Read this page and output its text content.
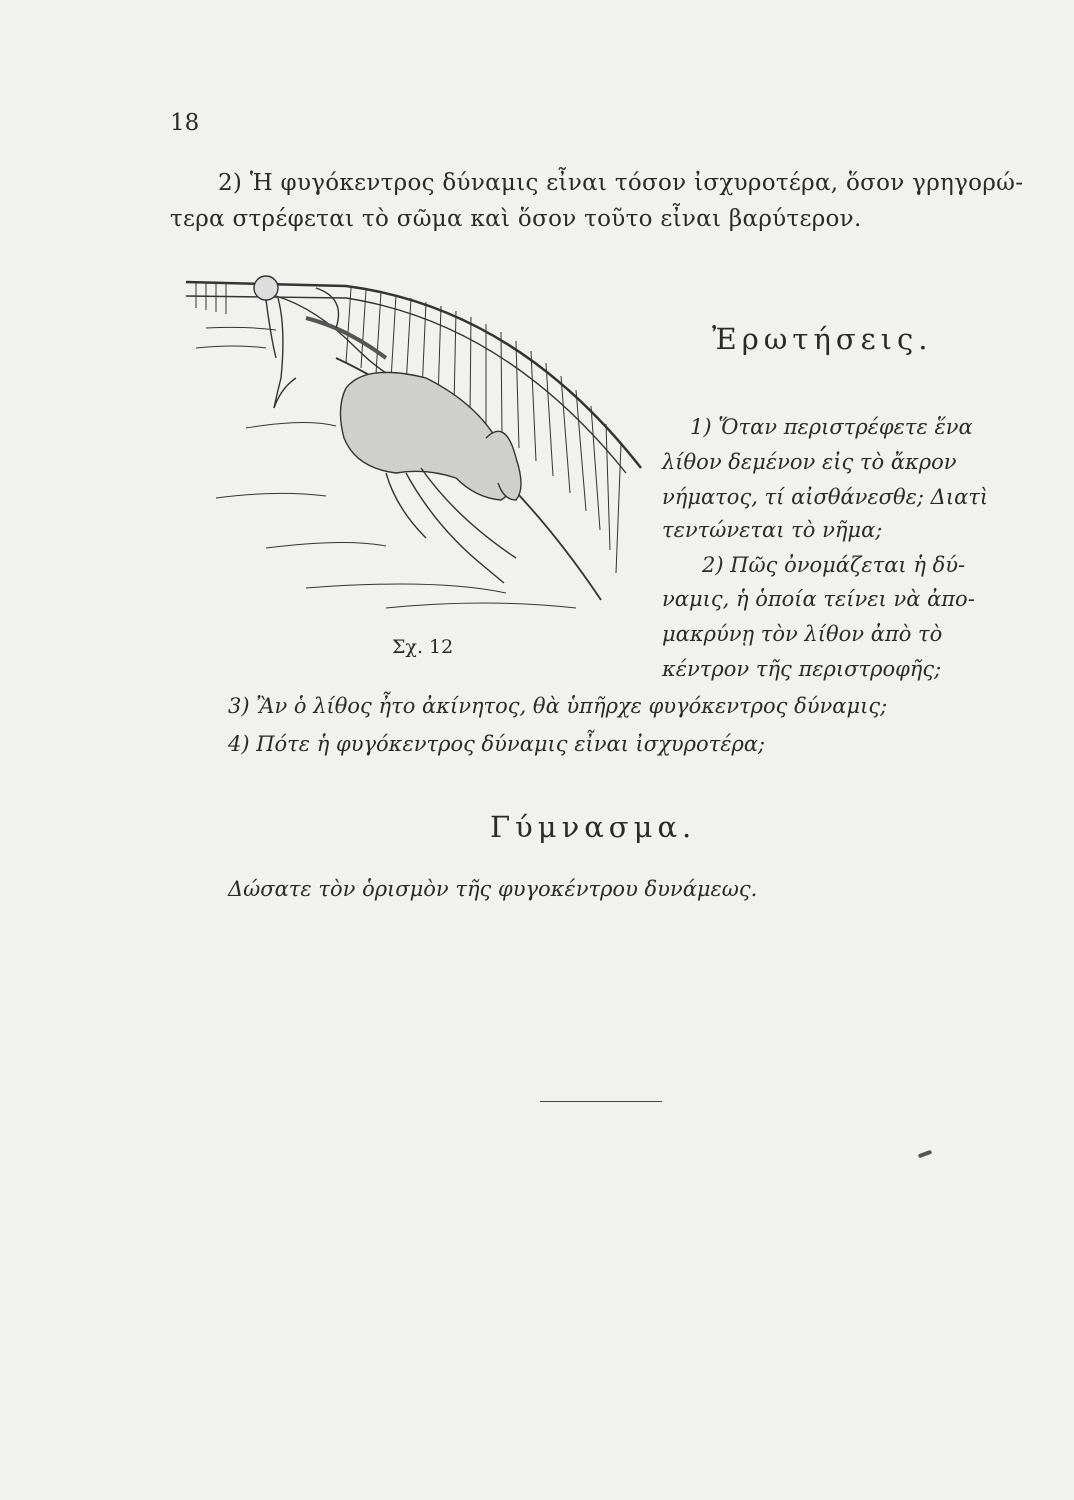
18
2) Ἡ φυγόκεντρος δύναμις εἶναι τόσον ἰσχυροτέρα, ὅσον γρηγορώ-
τερα στρέφεται τὸ σῶμα καὶ ὅσον τοῦτο εἶναι βαρύτερον.
Σχ. 12
Ἐρωτήσεις.
1) Ὅταν περιστρέφετε ἕνα
λίθον δεμένον εἰς τὸ ἄκρον
νήματος, τί αἰσθάνεσθε; Διατὶ
τεντώνεται τὸ νῆμα;
2) Πῶς ὀνομάζεται ἡ δύ-
ναμις, ἡ ὁποία τείνει νὰ ἀπο-
μακρύνῃ τὸν λίθον ἀπὸ τὸ
κέντρον τῆς περιστροφῆς;
3) Ἂν ὁ λίθος ἦτο ἀκίνητος, θὰ ὑπῆρχε φυγόκεντρος δύναμις;
4) Πότε ἡ φυγόκεντρος δύναμις εἶναι ἰσχυροτέρα;
Γύμνασμα.
Δώσατε τὸν ὁρισμὸν τῆς φυγοκέντρου δυνάμεως.
